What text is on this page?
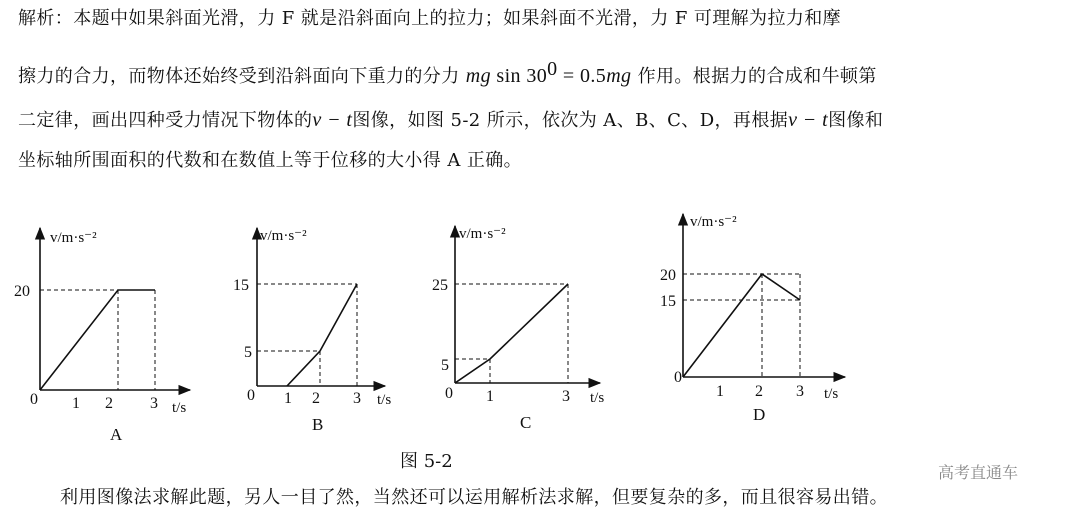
解析：本题中如果斜面光滑，力 F 就是沿斜面向上的拉力；如果斜面不光滑，力 F 可理解为拉力和摩
擦力的合力，而物体还始终受到沿斜面向下重力的分力 mg $\sin 30^0 = 0.5mg$ 作用。根据力的合成和牛顿第
二定律，画出四种受力情况下物体的v − t图像，如图 5-2 所示，依次为 A、B、C、D，再根据v − t图像和
坐标轴所围面积的代数和在数值上等于位移的大小得 A 正确。
v/m·s⁻²
t/s
0 1 2 3
20
A
v/m·s⁻²
t/s
0 1 2 3
5
15
B
v/m·s⁻²
t/s
0 1	3
5
25
C
v/m·s⁻²
t/s
0
1 2 3
20
15
D
图 5-2
高考直通车
利用图像法求解此题，另人一目了然，当然还可以运用解析法求解，但要复杂的多，而且很容易出错。
